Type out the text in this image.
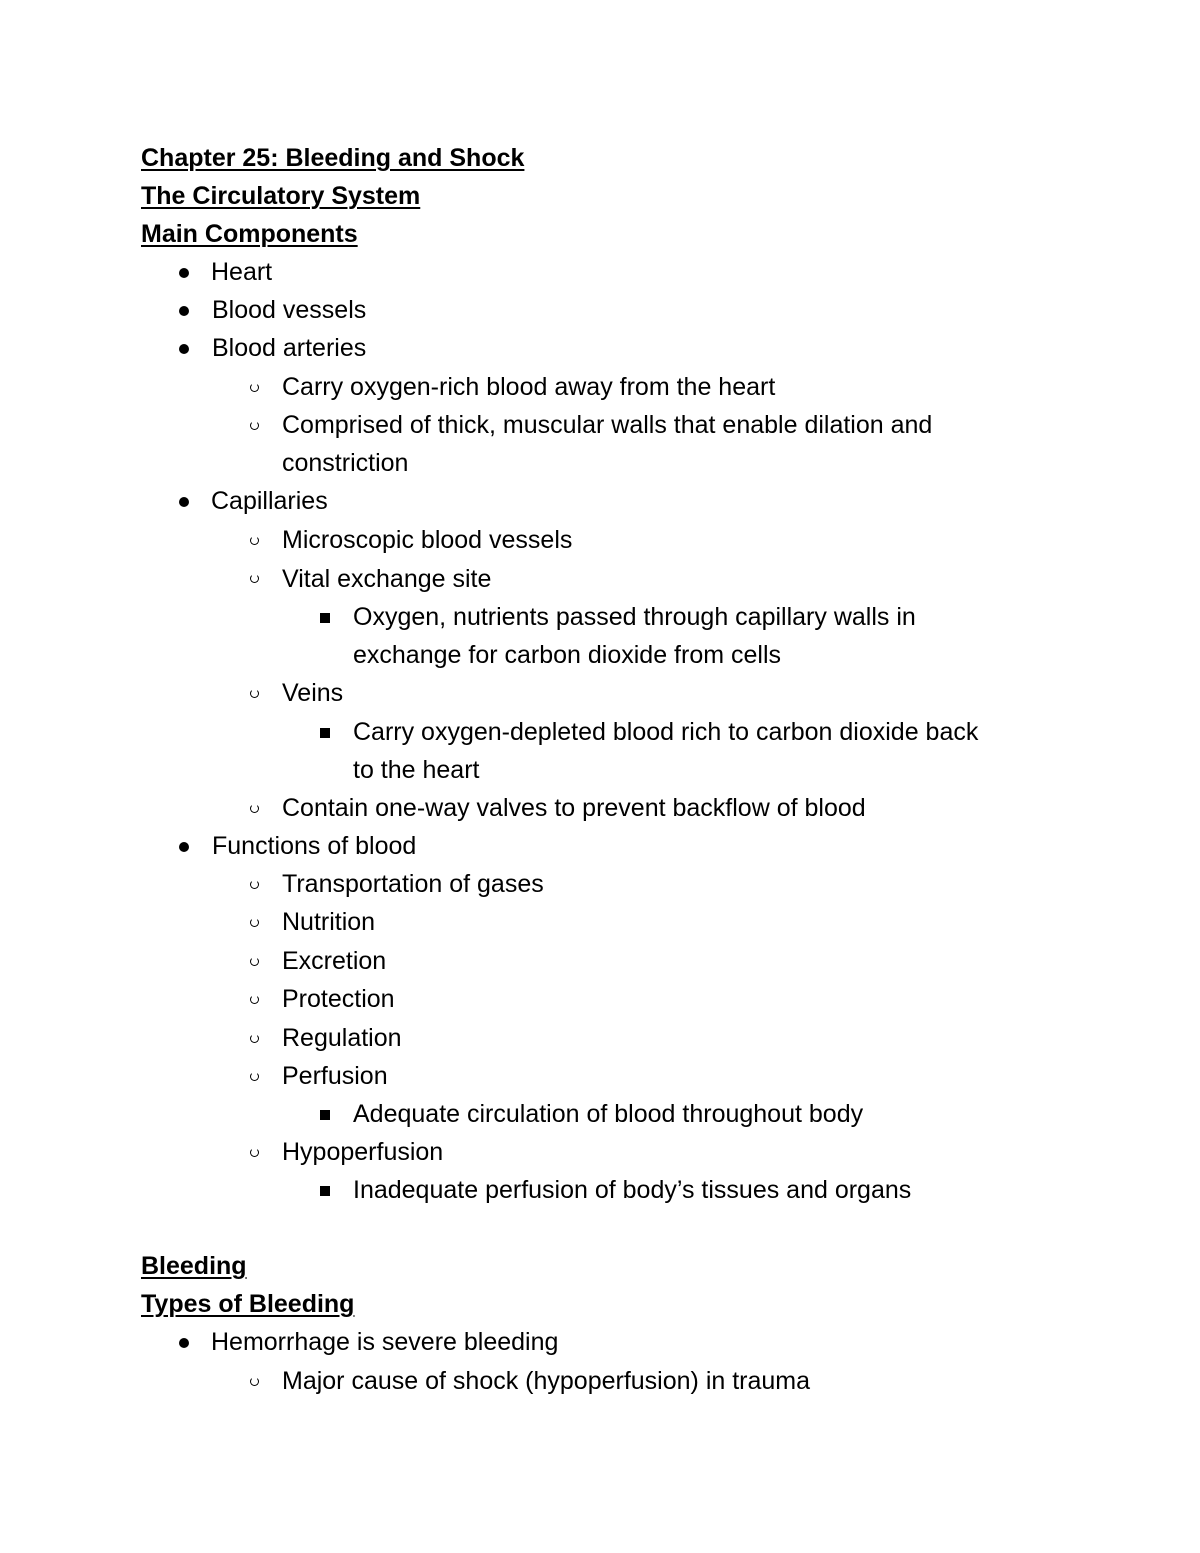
Chapter 25: Bleeding and Shock
The Circulatory System
Main Components
Heart
Blood vessels
Blood arteries
Carry oxygen-rich blood away from the heart
Comprised of thick, muscular walls that enable dilation and
constriction
Capillaries
Microscopic blood vessels
Vital exchange site
Oxygen, nutrients passed through capillary walls in
exchange for carbon dioxide from cells
Veins
Carry oxygen-depleted blood rich to carbon dioxide back
to the heart
Contain one-way valves to prevent backflow of blood
Functions of blood
Transportation of gases
Nutrition
Excretion
Protection
Regulation
Perfusion
Adequate circulation of blood throughout body
Hypoperfusion
Inadequate perfusion of body’s tissues and organs
Bleeding
Types of Bleeding
Hemorrhage is severe bleeding
Major cause of shock (hypoperfusion) in trauma
